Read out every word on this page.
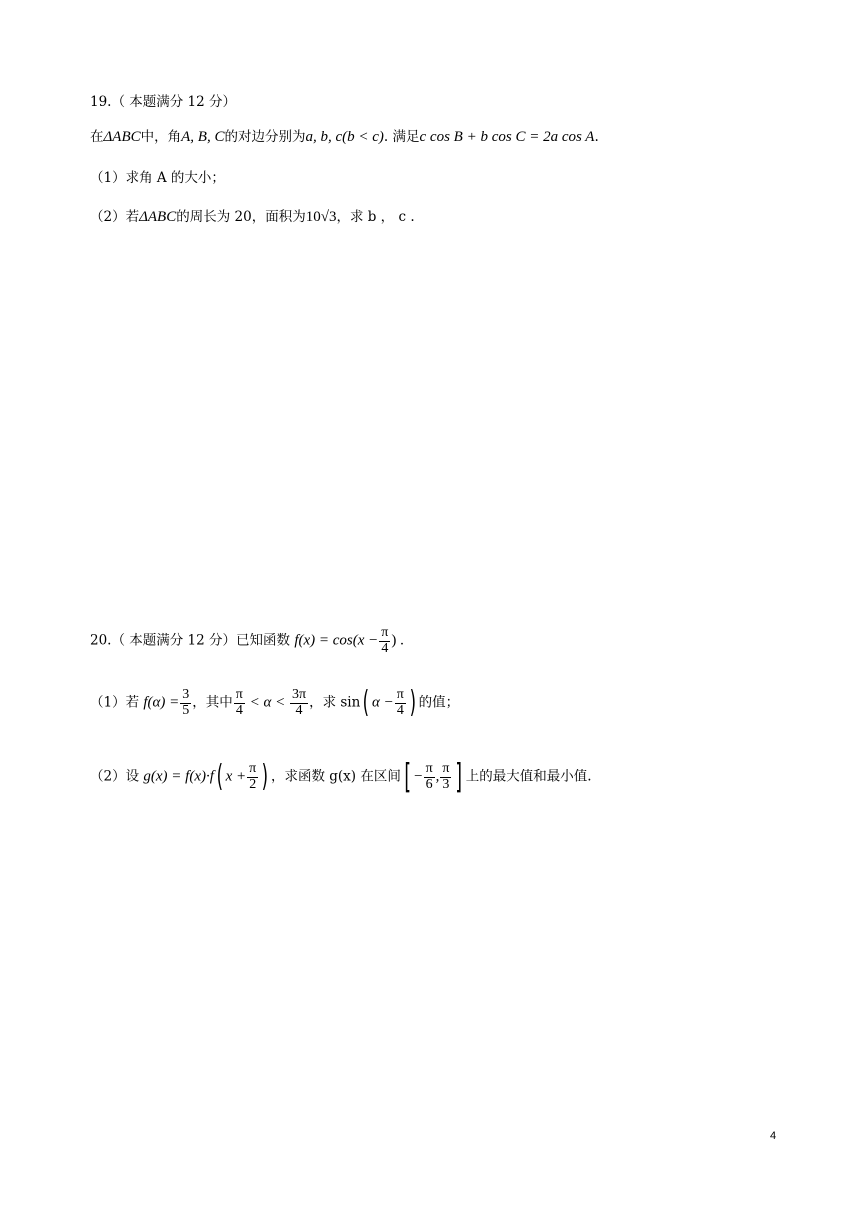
19.（ 本题满分 12 分）
在ΔABC中，角A, B, C的对边分别为a, b, c(b < c). 满足c cos B + b cos C = 2a cos A.
（1）求角 A 的大小；
（2）若ΔABC的周长为 20，面积为10√3，求 b ， c .
20.（ 本题满分 12 分）已知函数 $f(x) = \cos(x - \frac{\pi}{4}$ ) .
（1）若 $f(\alpha) = \frac{3}{5}$ ，其中 $\frac{\pi}{4} < \alpha < \frac{3\pi}{4}$ ，求 sin( $\alpha - \frac{\pi}{4}$ ) 的值；
（2）设 g(x) = f(x)·f( $x + \frac{\pi}{2}$ ) ，求函数 g(x) 在区间[ − $\frac{\pi}{6}$ , $\frac{\pi}{3}$ ] 上的最大值和最小值.
4
